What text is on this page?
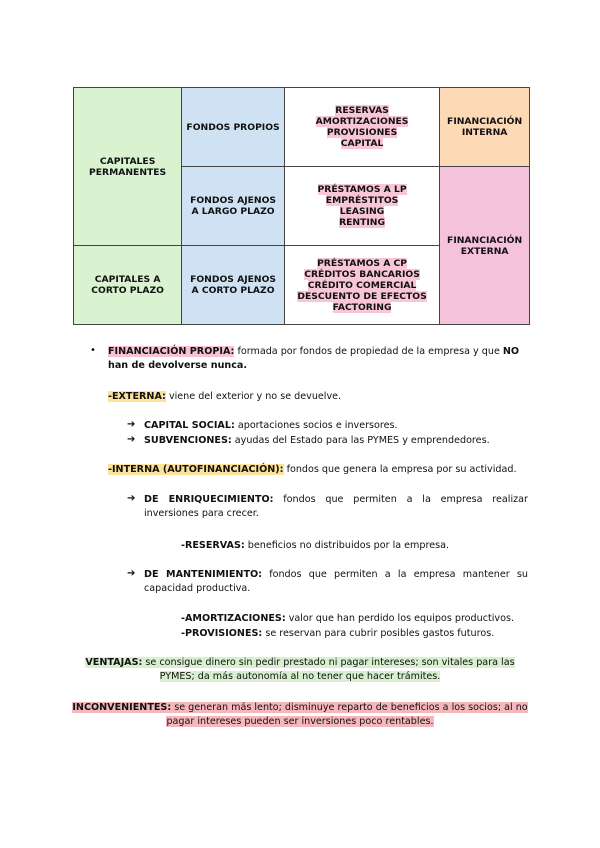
CAPITALES PERMANENTES	FONDOS PROPIOS	RESERVAS
AMORTIZACIONES
PROVISIONES
CAPITAL	FINANCIACIÓN INTERNA
	FONDOS AJENOS A LARGO PLAZO	PRÉSTAMOS A LP
EMPRÉSTITOS
LEASING
RENTING	FINANCIACIÓN EXTERNA
CAPITALES A CORTO PLAZO	FONDOS AJENOS A CORTO PLAZO	PRÉSTAMOS A CP
CRÉDITOS BANCARIOS
CRÉDITO COMERCIAL
DESCUENTO DE EFECTOS
FACTORING	
• FINANCIACIÓN PROPIA: formada por fondos de propiedad de la empresa y que NO han de devolverse nunca.
-EXTERNA: viene del exterior y no se devuelve.
➔ CAPITAL SOCIAL: aportaciones socios e inversores.
➔ SUBVENCIONES: ayudas del Estado para las PYMES y emprendedores.
-INTERNA (AUTOFINANCIACIÓN): fondos que genera la empresa por su actividad.
➔ DE ENRIQUECIMIENTO: fondos que permiten a la empresa realizar inversiones para crecer.
-RESERVAS: beneficios no distribuidos por la empresa.
➔ DE MANTENIMIENTO: fondos que permiten a la empresa mantener su capacidad productiva.
-AMORTIZACIONES: valor que han perdido los equipos productivos.
-PROVISIONES: se reservan para cubrir posibles gastos futuros.
VENTAJAS: se consigue dinero sin pedir prestado ni pagar intereses; son vitales para las PYMES; da más autonomía al no tener que hacer trámites.
INCONVENIENTES: se generan más lento; disminuye reparto de beneficios a los socios; al no pagar intereses pueden ser inversiones poco rentables.
